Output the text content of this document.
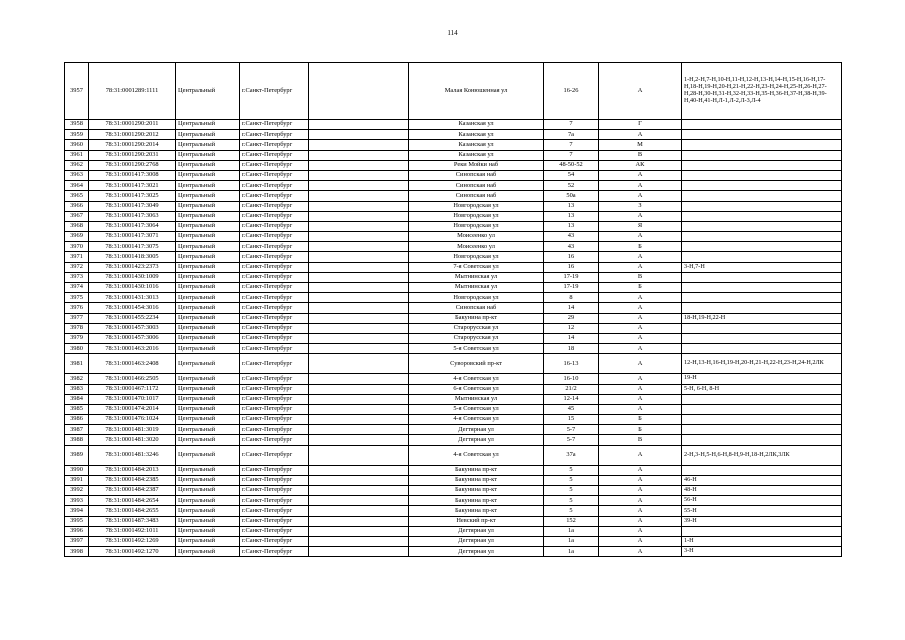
114
3957	78:31:0001289:1111	Центральный	г.Санкт-Петербург		Малая Конюшенная ул	16-26	А	1-Н,2-Н,7-Н,10-Н,11-Н,12-Н,13-Н,14-Н,15-Н,16-Н,17-Н,18-Н,19-Н,20-Н,21-Н,22-Н,23-Н,24-Н,25-Н,26-Н,27-Н,28-Н,30-Н,31-Н,32-Н,33-Н,35-Н,36-Н,37-Н,38-Н,39-Н,40-Н,41-Н,Л-1,Л-2,Л-3,Л-4
3958	78:31:0001290:2011	Центральный	г.Санкт-Петербург		Казанская ул	7	Г	
3959	78:31:0001290:2012	Центральный	г.Санкт-Петербург		Казанская ул	7а	А	
3960	78:31:0001290:2014	Центральный	г.Санкт-Петербург		Казанская ул	7	М	
3961	78:31:0001290:2031	Центральный	г.Санкт-Петербург		Казанская ул	7	В	
3962	78:31:0001290:2768	Центральный	г.Санкт-Петербург		Реки Мойки наб	48-50-52	АК	
3963	78:31:0001417:3008	Центральный	г.Санкт-Петербург		Синопская наб	54	А	
3964	78:31:0001417:3021	Центральный	г.Санкт-Петербург		Синопская наб	52	А	
3965	78:31:0001417:3025	Центральный	г.Санкт-Петербург		Синопская наб	50а	А	
3966	78:31:0001417:3049	Центральный	г.Санкт-Петербург		Новгородская ул	13	З	
3967	78:31:0001417:3063	Центральный	г.Санкт-Петербург		Новгородская ул	13	А	
3968	78:31:0001417:3064	Центральный	г.Санкт-Петербург		Новгородская ул	13	Я	
3969	78:31:0001417:3071	Центральный	г.Санкт-Петербург		Моисеенко ул	43	А	
3970	78:31:0001417:3075	Центральный	г.Санкт-Петербург		Моисеенко ул	43	Б	
3971	78:31:0001418:3005	Центральный	г.Санкт-Петербург		Новгородская ул	16	А	
3972	78:31:0001423:2373	Центральный	г.Санкт-Петербург		7-я Советская ул	16	А	3-Н,7-Н
3973	78:31:0001430:1009	Центральный	г.Санкт-Петербург		Мытнинская ул	17-19	В	
3974	78:31:0001430:1016	Центральный	г.Санкт-Петербург		Мытнинская ул	17-19	Б	
3975	78:31:0001431:3013	Центральный	г.Санкт-Петербург		Новгородская ул	8	А	
3976	78:31:0001454:3016	Центральный	г.Санкт-Петербург		Синопская наб	14	А	
3977	78:31:0001455:2234	Центральный	г.Санкт-Петербург		Бакунина пр-кт	29	А	18-Н,19-Н,22-Н
3978	78:31:0001457:3003	Центральный	г.Санкт-Петербург		Старорусская ул	12	А	
3979	78:31:0001457:3006	Центральный	г.Санкт-Петербург		Старорусская ул	14	А	
3980	78:31:0001463:2016	Центральный	г.Санкт-Петербург		5-я Советская ул	18	А	
3981	78:31:0001463:2408	Центральный	г.Санкт-Петербург		Суворовский пр-кт	16-13	А	12-Н,13-Н,16-Н,19-Н,20-Н,21-Н,22-Н,23-Н,24-Н,2ЛК
3982	78:31:0001466:2505	Центральный	г.Санкт-Петербург		4-я Советская ул	16-10	А	19-Н
3983	78:31:0001467:1172	Центральный	г.Санкт-Петербург		6-я Советская ул	21/2	А	5-Н, 6-Н, 8-Н
3984	78:31:0001470:1017	Центральный	г.Санкт-Петербург		Мытнинская ул	12-14	А	
3985	78:31:0001474:2014	Центральный	г.Санкт-Петербург		5-я Советская ул	45	А	
3986	78:31:0001476:1024	Центральный	г.Санкт-Петербург		4-я Советская ул	15	Б	
3987	78:31:0001481:3019	Центральный	г.Санкт-Петербург		Дегтярная ул	5-7	Б	
3988	78:31:0001481:3020	Центральный	г.Санкт-Петербург		Дегтярная ул	5-7	В	
3989	78:31:0001481:3246	Центральный	г.Санкт-Петербург		4-я Советская ул	37а	А	2-Н,3-Н,5-Н,6-Н,8-Н,9-Н,18-Н,2ЛК,3ЛК
3990	78:31:0001484:2013	Центральный	г.Санкт-Петербург		Бакунина пр-кт	5	А	
3991	78:31:0001484:2385	Центральный	г.Санкт-Петербург		Бакунина пр-кт	5	А	46-Н
3992	78:31:0001484:2387	Центральный	г.Санкт-Петербург		Бакунина пр-кт	5	А	48-Н
3993	78:31:0001484:2654	Центральный	г.Санкт-Петербург		Бакунина пр-кт	5	А	56-Н
3994	78:31:0001484:2655	Центральный	г.Санкт-Петербург		Бакунина пр-кт	5	А	55-Н
3995	78:31:0001487:3483	Центральный	г.Санкт-Петербург		Невский пр-кт	152	А	39-Н
3996	78:31:0001492:1011	Центральный	г.Санкт-Петербург		Дегтярная ул	1а	А	
3997	78:31:0001492:1269	Центральный	г.Санкт-Петербург		Дегтярная ул	1а	А	1-Н
3998	78:31:0001492:1270	Центральный	г.Санкт-Петербург		Дегтярная ул	1а	А	3-Н
